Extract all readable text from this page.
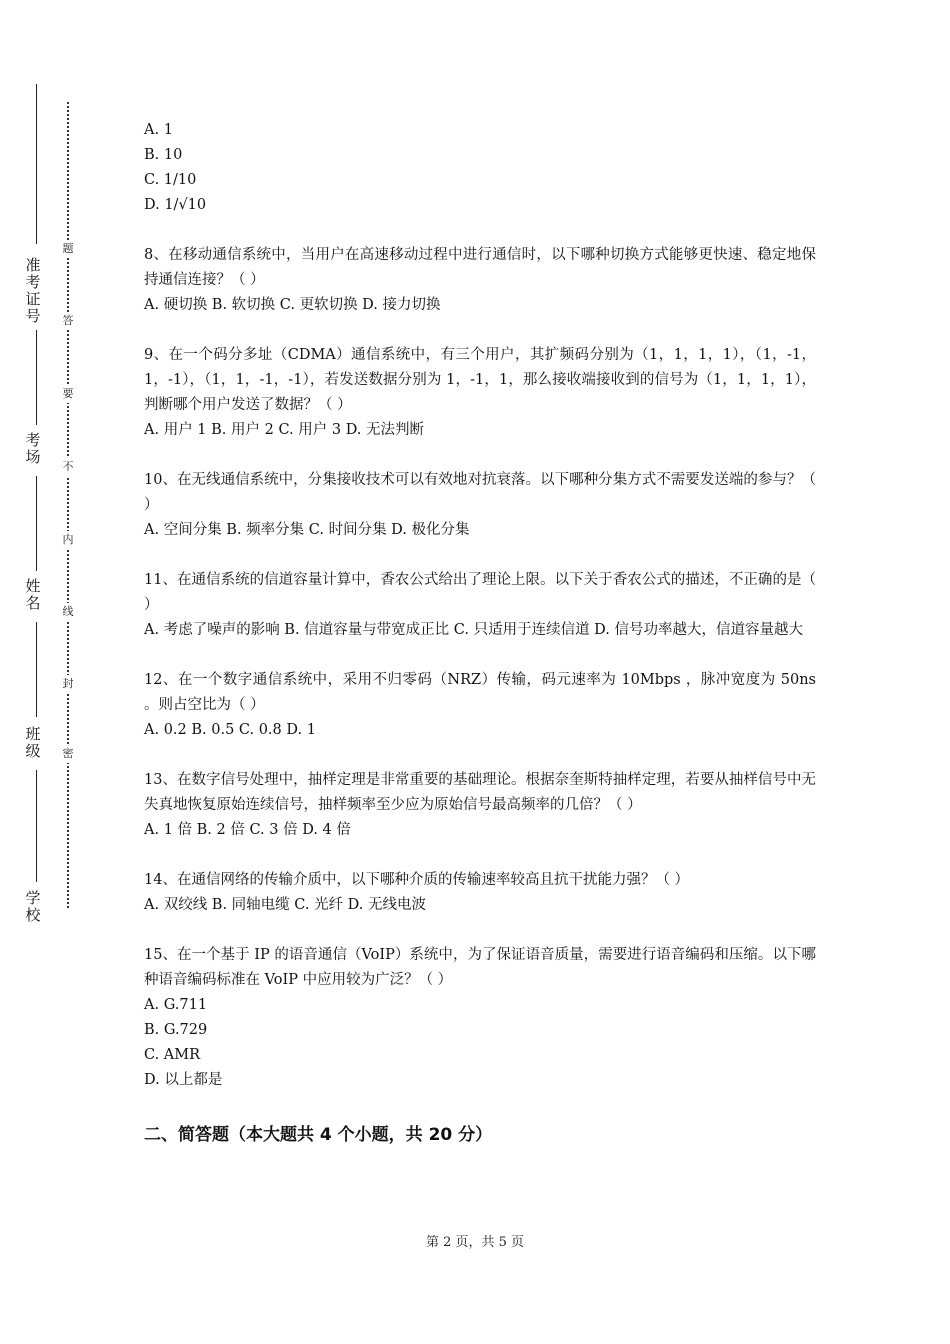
准考证号
考场
姓名
班级
学校
题
答
要
不
内
线
封
密
A. 1
B. 10
C. 1/10
D. 1/√10
8、在移动通信系统中，当用户在高速移动过程中进行通信时，以下哪种切换方式能够更快速、稳定地保持通信连接？（ ）
A. 硬切换 B. 软切换 C. 更软切换 D. 接力切换
9、在一个码分多址（CDMA）通信系统中，有三个用户，其扩频码分别为（1，1，1，1），（1，-1，1，-1），（1，1，-1，-1），若发送数据分别为 1，-1，1，那么接收端接收到的信号为（1，1，1，1），判断哪个用户发送了数据？（ ）
A. 用户 1 B. 用户 2 C. 用户 3 D. 无法判断
10、在无线通信系统中，分集接收技术可以有效地对抗衰落。以下哪种分集方式不需要发送端的参与？（ ）
A. 空间分集 B. 频率分集 C. 时间分集 D. 极化分集
11、在通信系统的信道容量计算中，香农公式给出了理论上限。以下关于香农公式的描述，不正确的是（ ）
A. 考虑了噪声的影响 B. 信道容量与带宽成正比 C. 只适用于连续信道 D. 信号功率越大，信道容量越大
12、在一个数字通信系统中，采用不归零码（NRZ）传输，码元速率为 10Mbps ，脉冲宽度为 50ns 。则占空比为（ ）
A. 0.2 B. 0.5 C. 0.8 D. 1
13、在数字信号处理中，抽样定理是非常重要的基础理论。根据奈奎斯特抽样定理，若要从抽样信号中无失真地恢复原始连续信号，抽样频率至少应为原始信号最高频率的几倍？（ ）
A. 1 倍 B. 2 倍 C. 3 倍 D. 4 倍
14、在通信网络的传输介质中，以下哪种介质的传输速率较高且抗干扰能力强？（ ）
A. 双绞线 B. 同轴电缆 C. 光纤 D. 无线电波
15、在一个基于 IP 的语音通信（VoIP）系统中，为了保证语音质量，需要进行语音编码和压缩。以下哪种语音编码标准在 VoIP 中应用较为广泛？（ ）
A. G.711
B. G.729
C. AMR
D. 以上都是
二、简答题（本大题共 4 个小题，共 20 分）
第 2 页，共 5 页
